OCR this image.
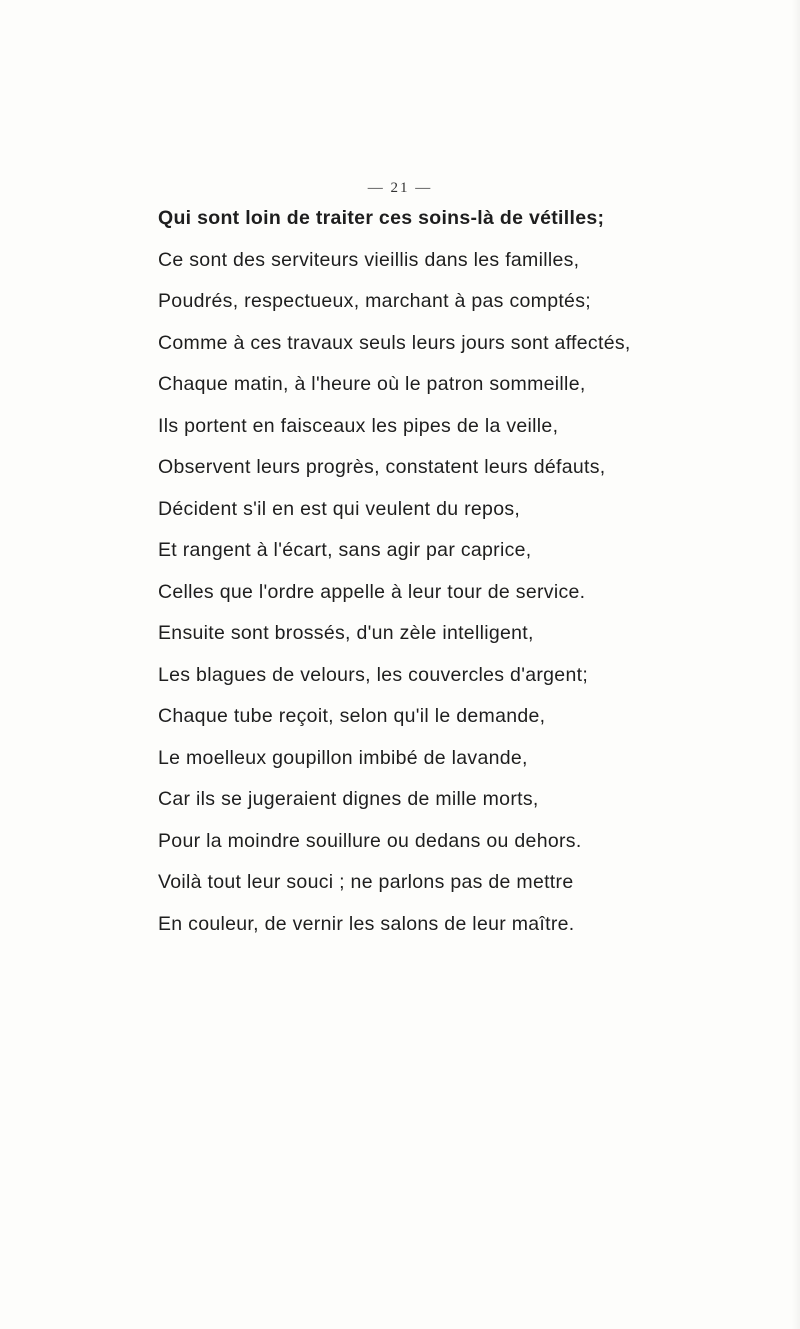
— 21 —
Qui sont loin de traiter ces soins-là de vétilles;
Ce sont des serviteurs vieillis dans les familles,
Poudrés, respectueux, marchant à pas comptés;
Comme à ces travaux seuls leurs jours sont affectés,
Chaque matin, à l'heure où le patron sommeille,
Ils portent en faisceaux les pipes de la veille,
Observent leurs progrès, constatent leurs défauts,
Décident s'il en est qui veulent du repos,
Et rangent à l'écart, sans agir par caprice,
Celles que l'ordre appelle à leur tour de service.
Ensuite sont brossés, d'un zèle intelligent,
Les blagues de velours, les couvercles d'argent;
Chaque tube reçoit, selon qu'il le demande,
Le moelleux goupillon imbibé de lavande,
Car ils se jugeraient dignes de mille morts,
Pour la moindre souillure ou dedans ou dehors.
Voilà tout leur souci ; ne parlons pas de mettre
En couleur, de vernir les salons de leur maître.
